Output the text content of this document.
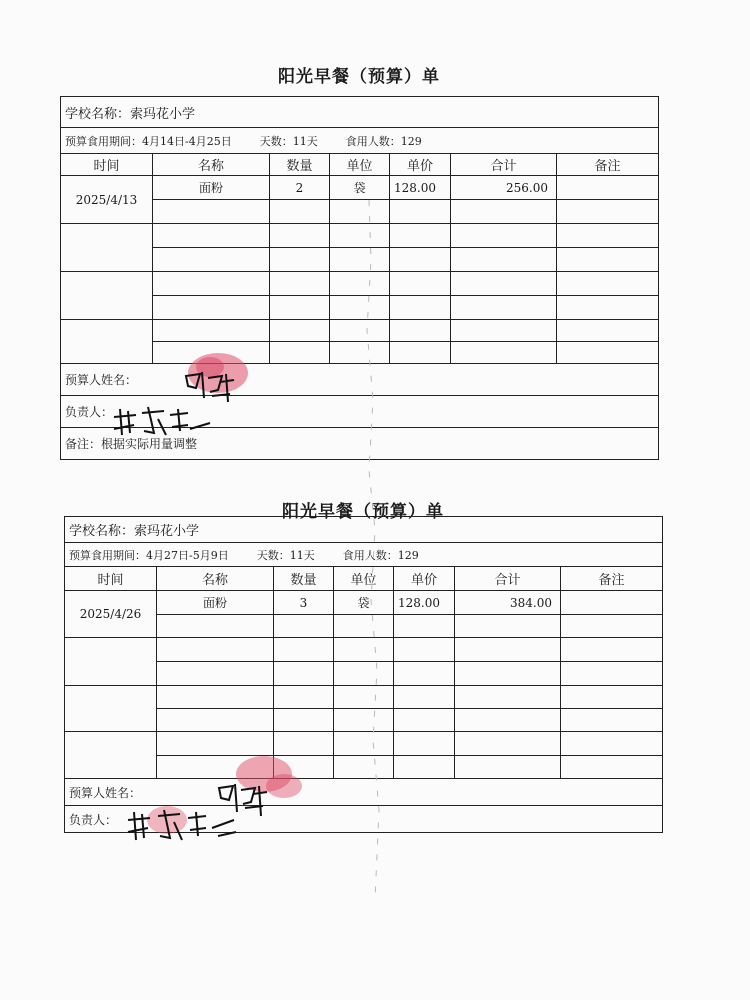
阳光早餐（预算）单
学校名称：索玛花小学						
预算食用期间：4月14日-4月25日 天数：11天 食用人数：129						
时间	名称	数量	单位	单价	合计	备注
2025/4/13	面粉	2	袋	128.00	256.00	

预算人姓名：						
负责人：						
备注：根据实际用量调整						
阳光早餐（预算）单
学校名称：索玛花小学						
预算食用期间：4月27日-5月9日 天数：11天 食用人数：129						
时间	名称	数量	单位	单价	合计	备注
2025/4/26	面粉	3	袋	128.00	384.00	

预算人姓名：						
负责人：						
